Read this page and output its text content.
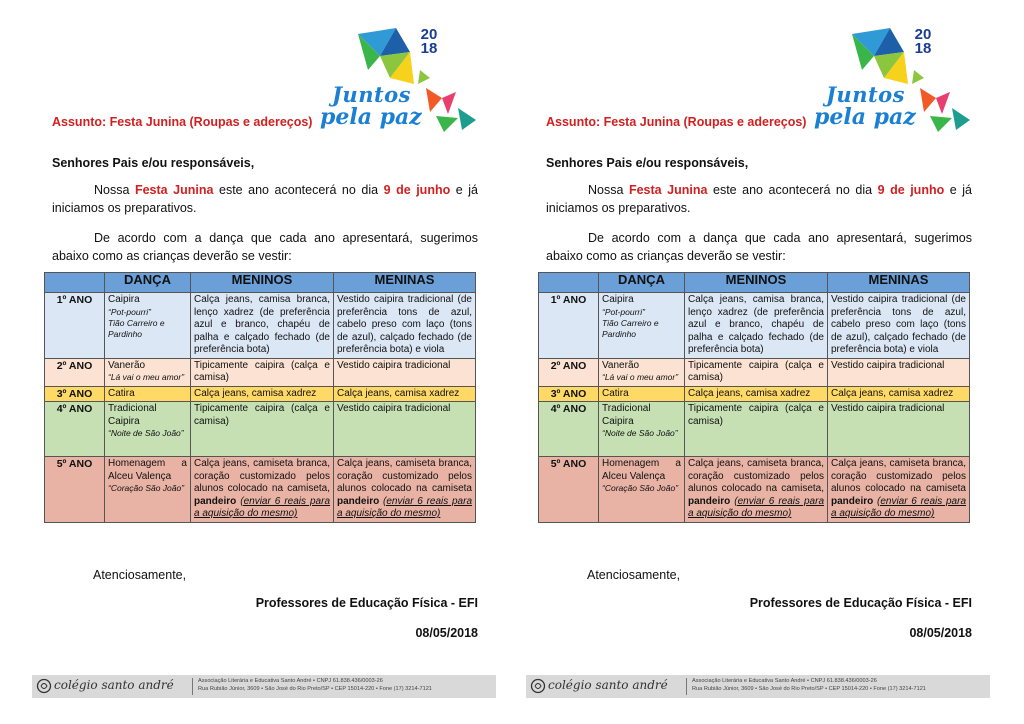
20
18
Juntos
pela paz
Assunto: Festa Junina (Roupas e adereços)
Senhores Pais e/ou responsáveis,
Nossa Festa Junina este ano acontecerá no dia 9 de junho e já iniciamos os preparativos.
De acordo com a dança que cada ano apresentará, sugerimos abaixo como as crianças deverão se vestir:
	DANÇA	MENINOS	MENINAS
1º ANO	Caipira
“Pot-pourri”
Tião Carreiro e Pardinho	Calça jeans, camisa branca, lenço xadrez (de preferência azul e branco, chapéu de palha e calçado fechado (de preferência bota)	Vestido caipira tradicional (de preferência tons de azul, cabelo preso com laço (tons de azul), calçado fechado (de preferência bota) e viola
2º ANO	Vanerão
“Lá vai o meu amor”	Tipicamente caipira (calça e camisa)	Vestido caipira tradicional
3º ANO	Catira	Calça jeans, camisa xadrez	Calça jeans, camisa xadrez
4º ANO	Tradicional Caipira
“Noite de São João”	Tipicamente caipira (calça e camisa)	Vestido caipira tradicional
5º ANO	Homenagem a Alceu Valença
“Coração São João”	Calça jeans, camiseta branca, coração customizado pelos alunos colocado na camiseta, pandeiro (enviar 6 reais para a aquisição do mesmo)	Calça jeans, camiseta branca, coração customizado pelos alunos colocado na camiseta pandeiro (enviar 6 reais para a aquisição do mesmo)
Atenciosamente,
Professores de Educação Física - EFI
08/05/2018
colégio santo andré	Associação Literária e Educativa Santo André • CNPJ 61.838.436/0003-26
Rua Rubião Júnior, 3609 • São José do Rio Preto/SP • CEP 15014-220 • Fone (17) 3214-7121
20
18
Juntos
pela paz
Assunto: Festa Junina (Roupas e adereços)
Senhores Pais e/ou responsáveis,
Nossa Festa Junina este ano acontecerá no dia 9 de junho e já iniciamos os preparativos.
De acordo com a dança que cada ano apresentará, sugerimos abaixo como as crianças deverão se vestir:
	DANÇA	MENINOS	MENINAS
1º ANO	Caipira
“Pot-pourri”
Tião Carreiro e Pardinho	Calça jeans, camisa branca, lenço xadrez (de preferência azul e branco, chapéu de palha e calçado fechado (de preferência bota)	Vestido caipira tradicional (de preferência tons de azul, cabelo preso com laço (tons de azul), calçado fechado (de preferência bota) e viola
2º ANO	Vanerão
“Lá vai o meu amor”	Tipicamente caipira (calça e camisa)	Vestido caipira tradicional
3º ANO	Catira	Calça jeans, camisa xadrez	Calça jeans, camisa xadrez
4º ANO	Tradicional Caipira
“Noite de São João”	Tipicamente caipira (calça e camisa)	Vestido caipira tradicional
5º ANO	Homenagem a Alceu Valença
“Coração São João”	Calça jeans, camiseta branca, coração customizado pelos alunos colocado na camiseta, pandeiro (enviar 6 reais para a aquisição do mesmo)	Calça jeans, camiseta branca, coração customizado pelos alunos colocado na camiseta pandeiro (enviar 6 reais para a aquisição do mesmo)
Atenciosamente,
Professores de Educação Física - EFI
08/05/2018
colégio santo andré	Associação Literária e Educativa Santo André • CNPJ 61.838.436/0003-26
Rua Rubião Júnior, 3609 • São José do Rio Preto/SP • CEP 15014-220 • Fone (17) 3214-7121
